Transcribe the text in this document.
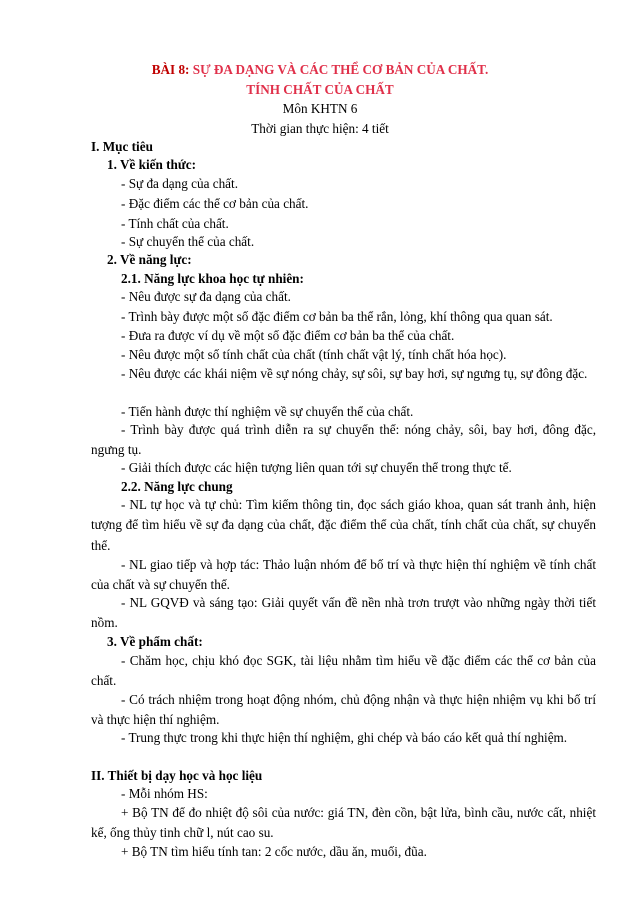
BÀI 8: SỰ ĐA DẠNG VÀ CÁC THỂ CƠ BẢN CỦA CHẤT.
TÍNH CHẤT CỦA CHẤT
Môn KHTN 6
Thời gian thực hiện: 4 tiết
I. Mục tiêu
1. Về kiến thức:
- Sự đa dạng của chất.
- Đặc điểm các thể cơ bản của chất.
- Tính chất của chất.
- Sự chuyển thể của chất.
2. Về năng lực:
2.1. Năng lực khoa học tự nhiên:
- Nêu được sự đa dạng của chất.
- Trình bày được một số đặc điểm cơ bản ba thể rắn, lỏng, khí thông qua quan sát.
- Đưa ra được ví dụ về một số đặc điểm cơ bản ba thể của chất.
- Nêu được một số tính chất của chất (tính chất vật lý, tính chất hóa học).
- Nêu được các khái niệm về sự nóng chảy, sự sôi, sự bay hơi, sự ngưng tụ, sự đông đặc.
- Tiến hành được thí nghiệm về sự chuyển thể của chất.
- Trình bày được quá trình diễn ra sự chuyển thể: nóng chảy, sôi, bay hơi, đông đặc, ngưng tụ.
- Giải thích được các hiện tượng liên quan tới sự chuyển thể trong thực tế.
2.2. Năng lực chung
- NL tự học và tự chủ: Tìm kiếm thông tin, đọc sách giáo khoa, quan sát tranh ảnh, hiện tượng để tìm hiểu về sự đa dạng của chất, đặc điểm thể của chất, tính chất của chất, sự chuyển thể.
- NL giao tiếp và hợp tác: Thảo luận nhóm để bố trí và thực hiện thí nghiệm về tính chất của chất và sự chuyển thể.
- NL GQVĐ và sáng tạo: Giải quyết vấn đề nền nhà trơn trượt vào những ngày thời tiết nồm.
3. Về phẩm chất:
- Chăm học, chịu khó đọc SGK, tài liệu nhằm tìm hiểu về đặc điểm các thể cơ bản của chất.
- Có trách nhiệm trong hoạt động nhóm, chủ động nhận và thực hiện nhiệm vụ khi bố trí và thực hiện thí nghiệm.
- Trung thực trong khi thực hiện thí nghiệm, ghi chép và báo cáo kết quả thí nghiệm.
II. Thiết bị dạy học và học liệu
- Mỗi nhóm HS:
+ Bộ TN để đo nhiệt độ sôi của nước: giá TN, đèn cồn, bật lửa, bình cầu, nước cất, nhiệt kế, ống thủy tinh chữ l, nút cao su.
+ Bộ TN tìm hiểu tính tan: 2 cốc nước, dầu ăn, muối, đũa.
